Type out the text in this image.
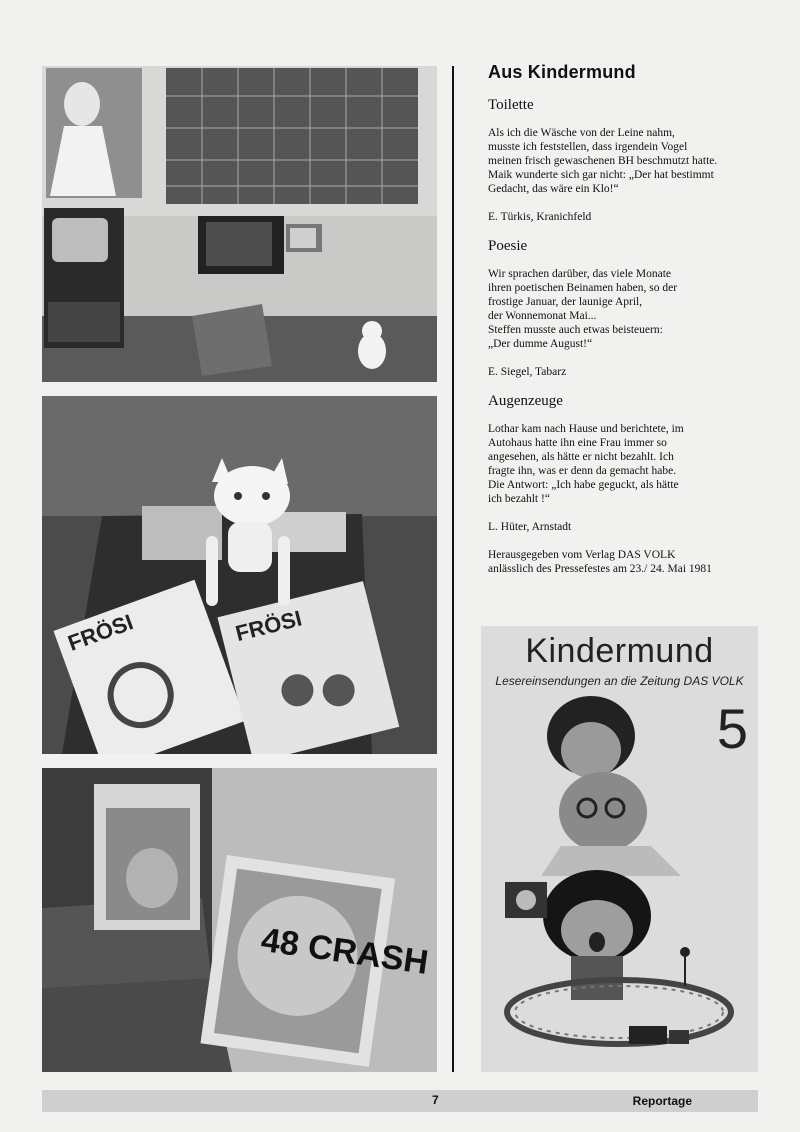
FRÖSI	FRÖSI
48 CRASH
Aus Kindermund
Toilette

Als ich die Wäsche von der Leine nahm,
musste ich feststellen, dass irgendein Vogel
meinen frisch gewaschenen BH beschmutzt hatte.
Maik wunderte sich gar nicht: „Der hat bestimmt
Gedacht, das wäre ein Klo!“

E. Türkis, Kranichfeld

Poesie

Wir sprachen darüber, das viele Monate
ihren poetischen Beinamen haben, so der
frostige Januar, der launige April,
der Wonnemonat Mai...
Steffen musste auch etwas beisteuern:
„Der dumme August!“

E. Siegel, Tabarz

Augenzeuge

Lothar kam nach Hause und berichtete, im
Autohaus hatte ihn eine Frau immer so
angesehen, als hätte er nicht bezahlt. Ich
fragte ihn, was er denn da gemacht habe.
Die Antwort: „Ich habe geguckt, als hätte
ich bezahlt !“

L. Hüter, Arnstadt

Herausgegeben vom Verlag DAS VOLK
anlässlich des Pressefestes am 23./ 24. Mai 1981

Kindermund
Lesereinsendungen an die Zeitung DAS VOLK
5
7	Reportage
